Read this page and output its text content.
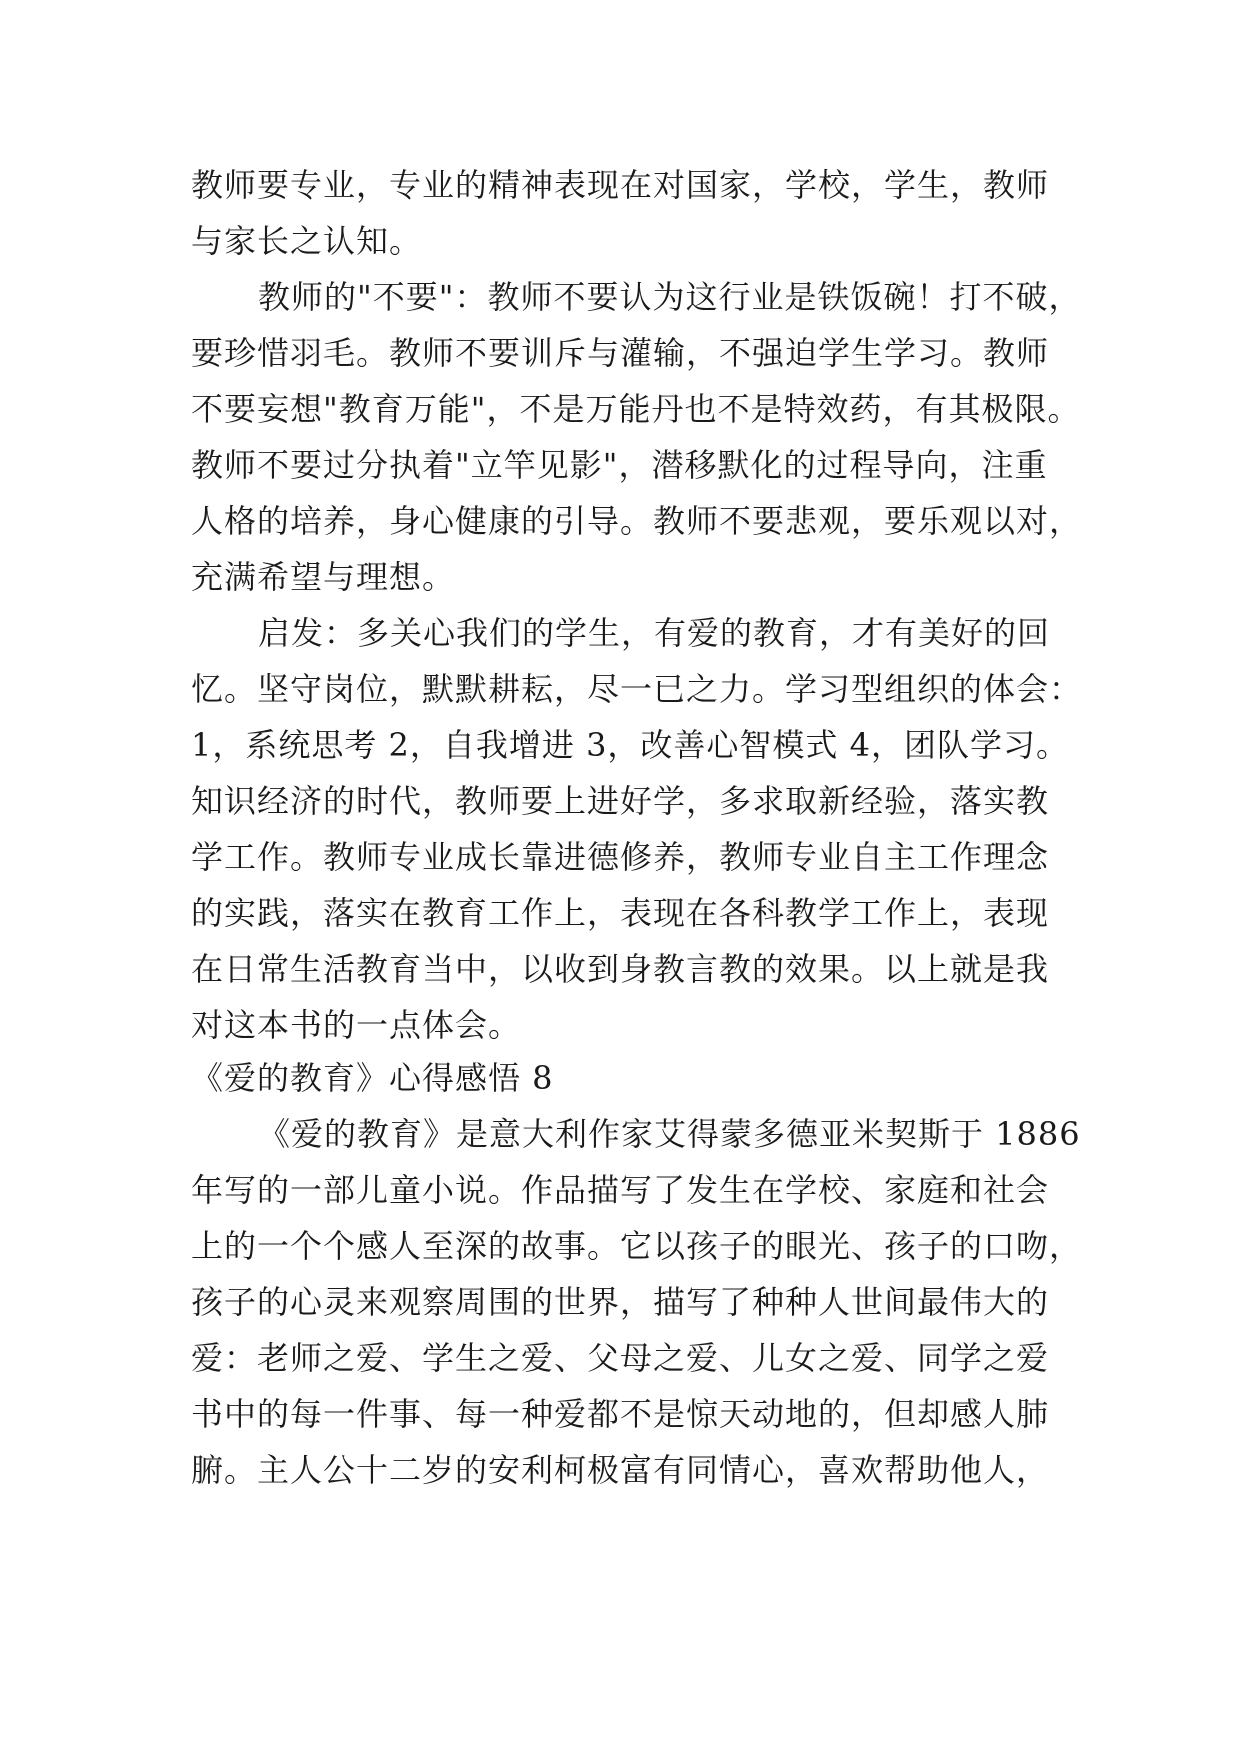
教师要专业，专业的精神表现在对国家，学校，学生，教师
与家长之认知。
教师的"不要"：教师不要认为这行业是铁饭碗！打不破，
要珍惜羽毛。教师不要训斥与灌输，不强迫学生学习。教师
不要妄想"教育万能"，不是万能丹也不是特效药，有其极限。
教师不要过分执着"立竿见影"，潜移默化的过程导向，注重
人格的培养，身心健康的引导。教师不要悲观，要乐观以对，
充满希望与理想。
启发：多关心我们的学生，有爱的教育，才有美好的回
忆。坚守岗位，默默耕耘，尽一已之力。学习型组织的体会：
1，系统思考 2，自我增进 3，改善心智模式 4，团队学习。
知识经济的时代，教师要上进好学，多求取新经验，落实教
学工作。教师专业成长靠进德修养，教师专业自主工作理念
的实践，落实在教育工作上，表现在各科教学工作上，表现
在日常生活教育当中，以收到身教言教的效果。以上就是我
对这本书的一点体会。
《爱的教育》心得感悟 8
《爱的教育》是意大利作家艾得蒙多德亚米契斯于 1886
年写的一部儿童小说。作品描写了发生在学校、家庭和社会
上的一个个感人至深的故事。它以孩子的眼光、孩子的口吻，
孩子的心灵来观察周围的世界，描写了种种人世间最伟大的
爱：老师之爱、学生之爱、父母之爱、儿女之爱、同学之爱
书中的每一件事、每一种爱都不是惊天动地的，但却感人肺
腑。主人公十二岁的安利柯极富有同情心，喜欢帮助他人，
